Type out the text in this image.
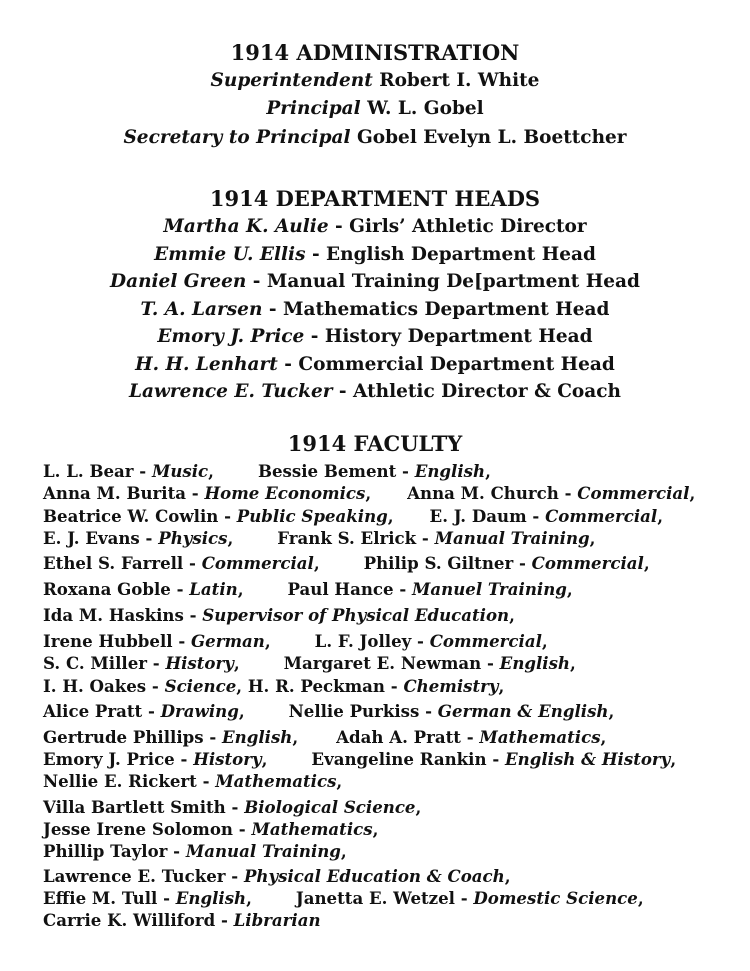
1914 ADMINISTRATION
Superintendent Robert I. White
Principal W. L. Gobel
Secretary to Principal Gobel Evelyn L. Boettcher
1914 DEPARTMENT HEADS
Martha K. Aulie - Girls’ Athletic Director
Emmie U. Ellis - English Department Head
Daniel Green - Manual Training De[partment Head
T. A. Larsen - Mathematics Department Head
Emory J. Price - History Department Head
H. H. Lenhart - Commercial Department Head
Lawrence E. Tucker - Athletic Director & Coach
1914 FACULTY
L. L. Bear - Music,	Bessie Bement - English,
Anna M. Burita - Home Economics, Anna M. Church - Commercial,
Beatrice W. Cowlin - Public Speaking, E. J. Daum - Commercial,
E. J. Evans - Physics,	Frank S. Elrick - Manual Training,
Ethel S. Farrell - Commercial,	Philip S. Giltner - Commercial,
Roxana Goble - Latin,	Paul Hance - Manuel Training,
Ida M. Haskins - Supervisor of Physical Education,
Irene Hubbell - German,	L. F. Jolley - Commercial,
S. C. Miller - History,	Margaret E. Newman - English,
I. H. Oakes - Science, H. R. Peckman - Chemistry,
Alice Pratt - Drawing,	Nellie Purkiss - German & English,
Gertrude Phillips - English, Adah A. Pratt - Mathematics,
Emory J. Price - History,	Evangeline Rankin - English & History,
Nellie E. Rickert - Mathematics,
Villa Bartlett Smith - Biological Science,
Jesse Irene Solomon - Mathematics,
Phillip Taylor - Manual Training,
Lawrence E. Tucker - Physical Education & Coach,
Effie M. Tull - English,	Janetta E. Wetzel - Domestic Science,
Carrie K. Williford - Librarian
